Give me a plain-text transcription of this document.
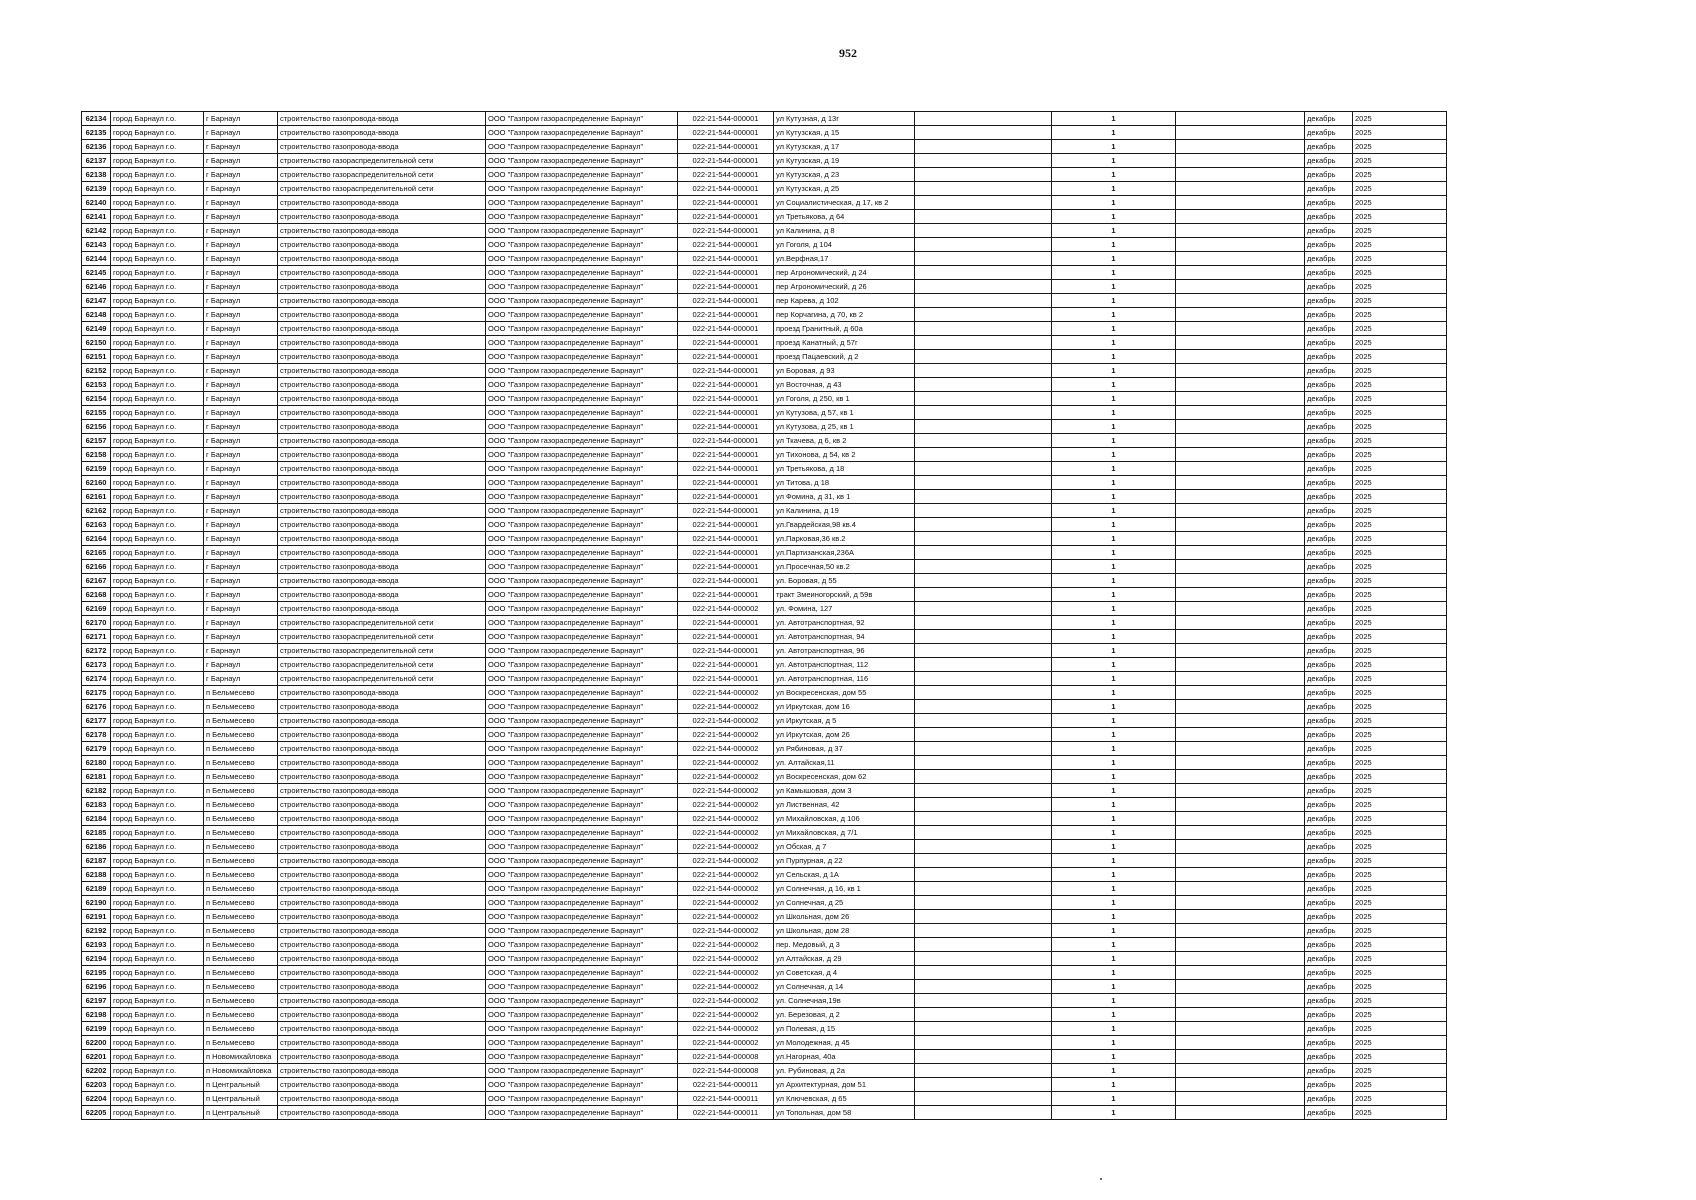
952
62134	город Барнаул г.о.	г Барнаул	строительство газопровода-ввода	ООО "Газпром газораспределение Барнаул"	022-21-544-000001	ул Кутузная, д 13г		1		декабрь	2025
62135	город Барнаул г.о.	г Барнаул	строительство газопровода-ввода	ООО "Газпром газораспределение Барнаул"	022-21-544-000001	ул Кутузская, д 15		1		декабрь	2025
62136	город Барнаул г.о.	г Барнаул	строительство газопровода-ввода	ООО "Газпром газораспределение Барнаул"	022-21-544-000001	ул Кутузская, д 17		1		декабрь	2025
62137	город Барнаул г.о.	г Барнаул	строительство газораспределительной сети	ООО "Газпром газораспределение Барнаул"	022-21-544-000001	ул Кутузская, д 19		1		декабрь	2025
62138	город Барнаул г.о.	г Барнаул	строительство газораспределительной сети	ООО "Газпром газораспределение Барнаул"	022-21-544-000001	ул Кутузская, д 23		1		декабрь	2025
62139	город Барнаул г.о.	г Барнаул	строительство газораспределительной сети	ООО "Газпром газораспределение Барнаул"	022-21-544-000001	ул Кутузская, д 25		1		декабрь	2025
62140	город Барнаул г.о.	г Барнаул	строительство газопровода-ввода	ООО "Газпром газораспределение Барнаул"	022-21-544-000001	ул Социалистическая, д 17, кв 2		1		декабрь	2025
62141	город Барнаул г.о.	г Барнаул	строительство газопровода-ввода	ООО "Газпром газораспределение Барнаул"	022-21-544-000001	ул Третьякова, д 64		1		декабрь	2025
62142	город Барнаул г.о.	г Барнаул	строительство газопровода-ввода	ООО "Газпром газораспределение Барнаул"	022-21-544-000001	ул Калинина, д 8		1		декабрь	2025
62143	город Барнаул г.о.	г Барнаул	строительство газопровода-ввода	ООО "Газпром газораспределение Барнаул"	022-21-544-000001	ул Гоголя, д 104		1		декабрь	2025
62144	город Барнаул г.о.	г Барнаул	строительство газопровода-ввода	ООО "Газпром газораспределение Барнаул"	022-21-544-000001	ул.Верфная,17		1		декабрь	2025
62145	город Барнаул г.о.	г Барнаул	строительство газопровода-ввода	ООО "Газпром газораспределение Барнаул"	022-21-544-000001	пер Агрономический, д 24		1		декабрь	2025
62146	город Барнаул г.о.	г Барнаул	строительство газопровода-ввода	ООО "Газпром газораспределение Барнаул"	022-21-544-000001	пер Агрономический, д 26		1		декабрь	2025
62147	город Барнаул г.о.	г Барнаул	строительство газопровода-ввода	ООО "Газпром газораспределение Барнаул"	022-21-544-000001	пер Карева, д 102		1		декабрь	2025
62148	город Барнаул г.о.	г Барнаул	строительство газопровода-ввода	ООО "Газпром газораспределение Барнаул"	022-21-544-000001	пер Корчагина, д 70, кв 2		1		декабрь	2025
62149	город Барнаул г.о.	г Барнаул	строительство газопровода-ввода	ООО "Газпром газораспределение Барнаул"	022-21-544-000001	проезд Гранитный, д 60а		1		декабрь	2025
62150	город Барнаул г.о.	г Барнаул	строительство газопровода-ввода	ООО "Газпром газораспределение Барнаул"	022-21-544-000001	проезд Канатный, д 57г		1		декабрь	2025
62151	город Барнаул г.о.	г Барнаул	строительство газопровода-ввода	ООО "Газпром газораспределение Барнаул"	022-21-544-000001	проезд Пацаевский, д 2		1		декабрь	2025
62152	город Барнаул г.о.	г Барнаул	строительство газопровода-ввода	ООО "Газпром газораспределение Барнаул"	022-21-544-000001	ул Боровая, д 93		1		декабрь	2025
62153	город Барнаул г.о.	г Барнаул	строительство газопровода-ввода	ООО "Газпром газораспределение Барнаул"	022-21-544-000001	ул Восточная, д 43		1		декабрь	2025
62154	город Барнаул г.о.	г Барнаул	строительство газопровода-ввода	ООО "Газпром газораспределение Барнаул"	022-21-544-000001	ул Гоголя, д 250, кв 1		1		декабрь	2025
62155	город Барнаул г.о.	г Барнаул	строительство газопровода-ввода	ООО "Газпром газораспределение Барнаул"	022-21-544-000001	ул Кутузова, д 57, кв 1		1		декабрь	2025
62156	город Барнаул г.о.	г Барнаул	строительство газопровода-ввода	ООО "Газпром газораспределение Барнаул"	022-21-544-000001	ул Кутузова, д 25, кв 1		1		декабрь	2025
62157	город Барнаул г.о.	г Барнаул	строительство газопровода-ввода	ООО "Газпром газораспределение Барнаул"	022-21-544-000001	ул Ткачева, д 6, кв 2		1		декабрь	2025
62158	город Барнаул г.о.	г Барнаул	строительство газопровода-ввода	ООО "Газпром газораспределение Барнаул"	022-21-544-000001	ул Тихонова, д 54, кв 2		1		декабрь	2025
62159	город Барнаул г.о.	г Барнаул	строительство газопровода-ввода	ООО "Газпром газораспределение Барнаул"	022-21-544-000001	ул Третьякова, д 18		1		декабрь	2025
62160	город Барнаул г.о.	г Барнаул	строительство газопровода-ввода	ООО "Газпром газораспределение Барнаул"	022-21-544-000001	ул Титова, д 18		1		декабрь	2025
62161	город Барнаул г.о.	г Барнаул	строительство газопровода-ввода	ООО "Газпром газораспределение Барнаул"	022-21-544-000001	ул Фомина, д 31, кв 1		1		декабрь	2025
62162	город Барнаул г.о.	г Барнаул	строительство газопровода-ввода	ООО "Газпром газораспределение Барнаул"	022-21-544-000001	ул Калинина, д 19		1		декабрь	2025
62163	город Барнаул г.о.	г Барнаул	строительство газопровода-ввода	ООО "Газпром газораспределение Барнаул"	022-21-544-000001	ул.Гвардейская,98 кв.4		1		декабрь	2025
62164	город Барнаул г.о.	г Барнаул	строительство газопровода-ввода	ООО "Газпром газораспределение Барнаул"	022-21-544-000001	ул.Парковая,36 кв.2		1		декабрь	2025
62165	город Барнаул г.о.	г Барнаул	строительство газопровода-ввода	ООО "Газпром газораспределение Барнаул"	022-21-544-000001	ул.Партизанская,236А		1		декабрь	2025
62166	город Барнаул г.о.	г Барнаул	строительство газопровода-ввода	ООО "Газпром газораспределение Барнаул"	022-21-544-000001	ул.Просечная,50 кв.2		1		декабрь	2025
62167	город Барнаул г.о.	г Барнаул	строительство газопровода-ввода	ООО "Газпром газораспределение Барнаул"	022-21-544-000001	ул. Боровая, д 55		1		декабрь	2025
62168	город Барнаул г.о.	г Барнаул	строительство газопровода-ввода	ООО "Газпром газораспределение Барнаул"	022-21-544-000001	тракт Змеиногорский, д 59в		1		декабрь	2025
62169	город Барнаул г.о.	г Барнаул	строительство газопровода-ввода	ООО "Газпром газораспределение Барнаул"	022-21-544-000002	ул. Фомина, 127		1		декабрь	2025
62170	город Барнаул г.о.	г Барнаул	строительство газораспределительной сети	ООО "Газпром газораспределение Барнаул"	022-21-544-000001	ул. Автотранспортная, 92		1		декабрь	2025
62171	город Барнаул г.о.	г Барнаул	строительство газораспределительной сети	ООО "Газпром газораспределение Барнаул"	022-21-544-000001	ул. Автотранспортная, 94		1		декабрь	2025
62172	город Барнаул г.о.	г Барнаул	строительство газораспределительной сети	ООО "Газпром газораспределение Барнаул"	022-21-544-000001	ул. Автотранспортная, 96		1		декабрь	2025
62173	город Барнаул г.о.	г Барнаул	строительство газораспределительной сети	ООО "Газпром газораспределение Барнаул"	022-21-544-000001	ул. Автотранспортная, 112		1		декабрь	2025
62174	город Барнаул г.о.	г Барнаул	строительство газораспределительной сети	ООО "Газпром газораспределение Барнаул"	022-21-544-000001	ул. Автотранспортная, 116		1		декабрь	2025
62175	город Барнаул г.о.	п Бельмесево	строительство газопровода-ввода	ООО "Газпром газораспределение Барнаул"	022-21-544-000002	ул Воскресенская, дом 55		1		декабрь	2025
62176	город Барнаул г.о.	п Бельмесево	строительство газопровода-ввода	ООО "Газпром газораспределение Барнаул"	022-21-544-000002	ул Иркутская, дом 16		1		декабрь	2025
62177	город Барнаул г.о.	п Бельмесево	строительство газопровода-ввода	ООО "Газпром газораспределение Барнаул"	022-21-544-000002	ул Иркутская, д 5		1		декабрь	2025
62178	город Барнаул г.о.	п Бельмесево	строительство газопровода-ввода	ООО "Газпром газораспределение Барнаул"	022-21-544-000002	ул Иркутская, дом 26		1		декабрь	2025
62179	город Барнаул г.о.	п Бельмесево	строительство газопровода-ввода	ООО "Газпром газораспределение Барнаул"	022-21-544-000002	ул Рябиновая, д 37		1		декабрь	2025
62180	город Барнаул г.о.	п Бельмесево	строительство газопровода-ввода	ООО "Газпром газораспределение Барнаул"	022-21-544-000002	ул. Алтайская,11		1		декабрь	2025
62181	город Барнаул г.о.	п Бельмесево	строительство газопровода-ввода	ООО "Газпром газораспределение Барнаул"	022-21-544-000002	ул Воскресенская, дом 62		1		декабрь	2025
62182	город Барнаул г.о.	п Бельмесево	строительство газопровода-ввода	ООО "Газпром газораспределение Барнаул"	022-21-544-000002	ул Камышовая, дом 3		1		декабрь	2025
62183	город Барнаул г.о.	п Бельмесево	строительство газопровода-ввода	ООО "Газпром газораспределение Барнаул"	022-21-544-000002	ул Лиственная, 42		1		декабрь	2025
62184	город Барнаул г.о.	п Бельмесево	строительство газопровода-ввода	ООО "Газпром газораспределение Барнаул"	022-21-544-000002	ул Михайловская, д 106		1		декабрь	2025
62185	город Барнаул г.о.	п Бельмесево	строительство газопровода-ввода	ООО "Газпром газораспределение Барнаул"	022-21-544-000002	ул Михайловская, д 7/1		1		декабрь	2025
62186	город Барнаул г.о.	п Бельмесево	строительство газопровода-ввода	ООО "Газпром газораспределение Барнаул"	022-21-544-000002	ул Обская, д 7		1		декабрь	2025
62187	город Барнаул г.о.	п Бельмесево	строительство газопровода-ввода	ООО "Газпром газораспределение Барнаул"	022-21-544-000002	ул Пурпурная, д 22		1		декабрь	2025
62188	город Барнаул г.о.	п Бельмесево	строительство газопровода-ввода	ООО "Газпром газораспределение Барнаул"	022-21-544-000002	ул Сельская, д 1А		1		декабрь	2025
62189	город Барнаул г.о.	п Бельмесево	строительство газопровода-ввода	ООО "Газпром газораспределение Барнаул"	022-21-544-000002	ул Солнечная, д 16, кв 1		1		декабрь	2025
62190	город Барнаул г.о.	п Бельмесево	строительство газопровода-ввода	ООО "Газпром газораспределение Барнаул"	022-21-544-000002	ул Солнечная, д 25		1		декабрь	2025
62191	город Барнаул г.о.	п Бельмесево	строительство газопровода-ввода	ООО "Газпром газораспределение Барнаул"	022-21-544-000002	ул Школьная, дом 26		1		декабрь	2025
62192	город Барнаул г.о.	п Бельмесево	строительство газопровода-ввода	ООО "Газпром газораспределение Барнаул"	022-21-544-000002	ул Школьная, дом 28		1		декабрь	2025
62193	город Барнаул г.о.	п Бельмесево	строительство газопровода-ввода	ООО "Газпром газораспределение Барнаул"	022-21-544-000002	пер. Медовый, д 3		1		декабрь	2025
62194	город Барнаул г.о.	п Бельмесево	строительство газопровода-ввода	ООО "Газпром газораспределение Барнаул"	022-21-544-000002	ул Алтайская, д 29		1		декабрь	2025
62195	город Барнаул г.о.	п Бельмесево	строительство газопровода-ввода	ООО "Газпром газораспределение Барнаул"	022-21-544-000002	ул Советская, д 4		1		декабрь	2025
62196	город Барнаул г.о.	п Бельмесево	строительство газопровода-ввода	ООО "Газпром газораспределение Барнаул"	022-21-544-000002	ул Солнечная, д 14		1		декабрь	2025
62197	город Барнаул г.о.	п Бельмесево	строительство газопровода-ввода	ООО "Газпром газораспределение Барнаул"	022-21-544-000002	ул. Солнечная,19в		1		декабрь	2025
62198	город Барнаул г.о.	п Бельмесево	строительство газопровода-ввода	ООО "Газпром газораспределение Барнаул"	022-21-544-000002	ул. Березовая, д 2		1		декабрь	2025
62199	город Барнаул г.о.	п Бельмесево	строительство газопровода-ввода	ООО "Газпром газораспределение Барнаул"	022-21-544-000002	ул Полевая, д 15		1		декабрь	2025
62200	город Барнаул г.о.	п Бельмесево	строительство газопровода-ввода	ООО "Газпром газораспределение Барнаул"	022-21-544-000002	ул Молодежная, д 45		1		декабрь	2025
62201	город Барнаул г.о.	п Новомихайловка	строительство газопровода-ввода	ООО "Газпром газораспределение Барнаул"	022-21-544-000008	ул.Нагорная, 40а		1		декабрь	2025
62202	город Барнаул г.о.	п Новомихайловка	строительство газопровода-ввода	ООО "Газпром газораспределение Барнаул"	022-21-544-000008	ул. Рубиновая, д 2а		1		декабрь	2025
62203	город Барнаул г.о.	п Центральный	строительство газопровода-ввода	ООО "Газпром газораспределение Барнаул"	022-21-544-000011	ул Архитектурная, дом 51		1		декабрь	2025
62204	город Барнаул г.о.	п Центральный	строительство газопровода-ввода	ООО "Газпром газораспределение Барнаул"	022-21-544-000011	ул Ключевская, д 65		1		декабрь	2025
62205	город Барнаул г.о.	п Центральный	строительство газопровода-ввода	ООО "Газпром газораспределение Барнаул"	022-21-544-000011	ул Топольная, дом 58		1		декабрь	2025
